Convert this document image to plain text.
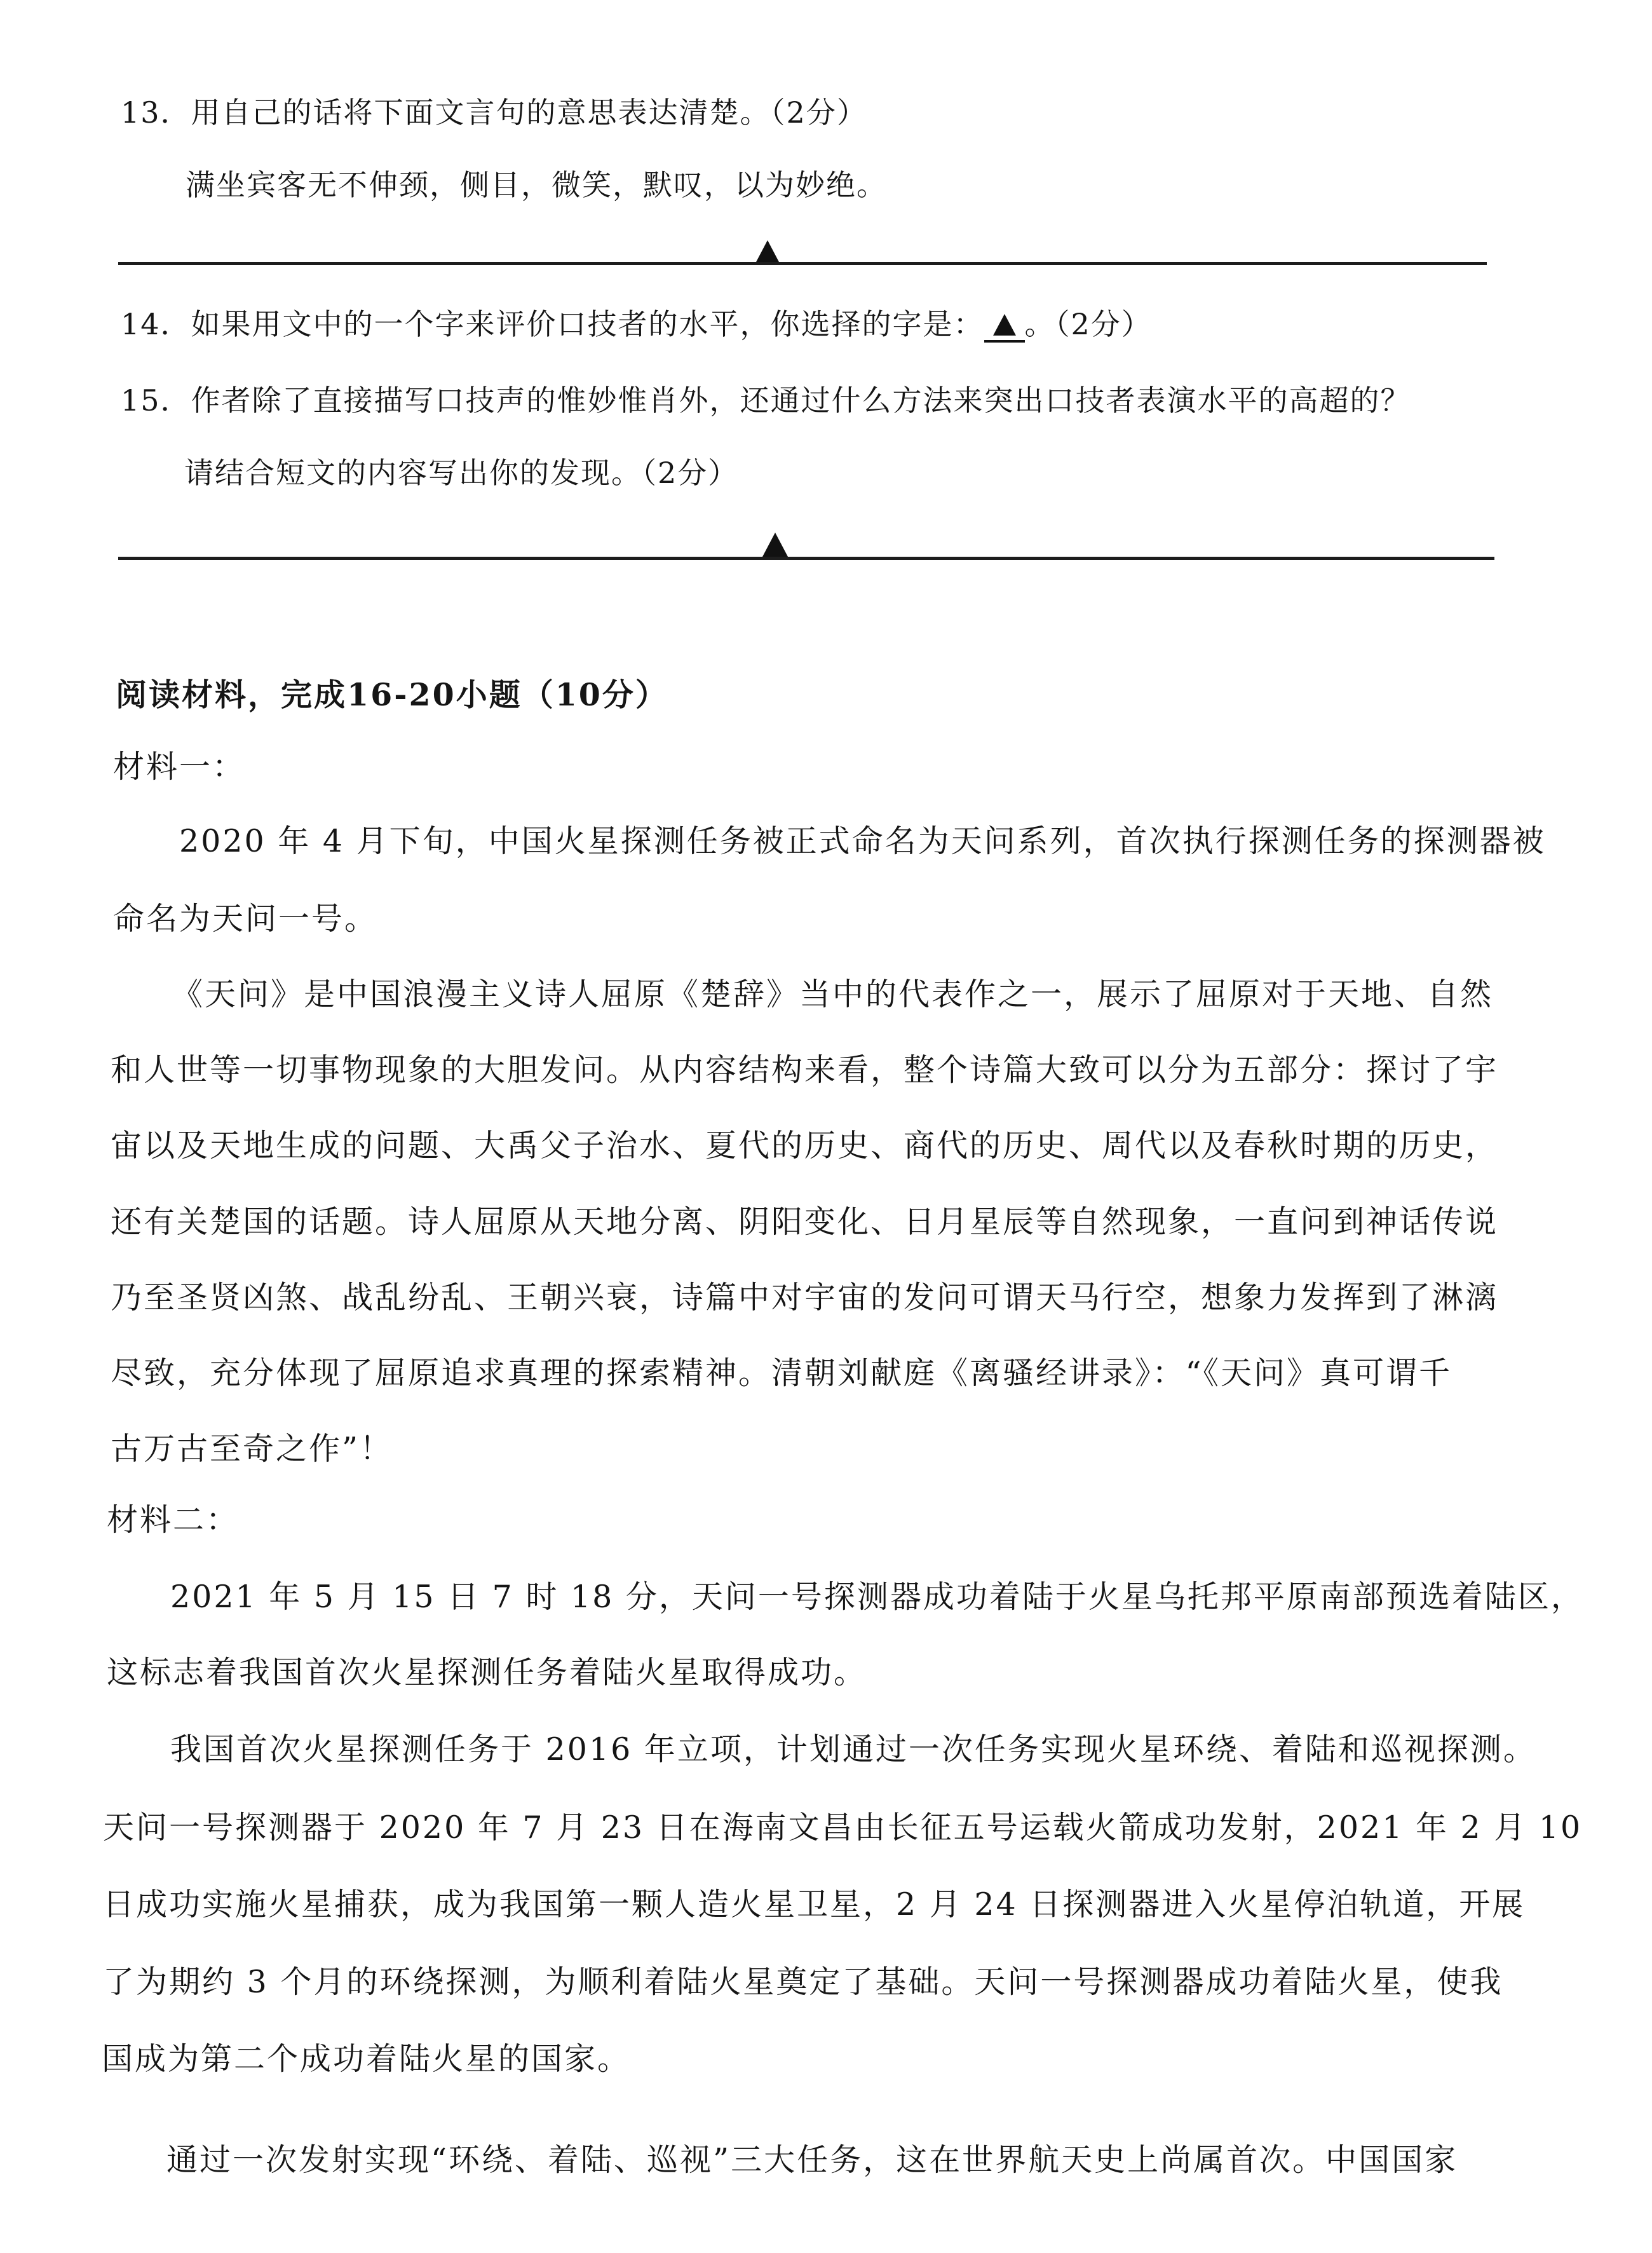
13．用自己的话将下面文言句的意思表达清楚。（2分）
满坐宾客无不伸颈，侧目，微笑，默叹，以为妙绝。
14．如果用文中的一个字来评价口技者的水平，你选择的字是： 。（2分）
15．作者除了直接描写口技声的惟妙惟肖外，还通过什么方法来突出口技者表演水平的高超的？
请结合短文的内容写出你的发现。（2分）
阅读材料，完成16-20小题（10分）
材料一：
2020 年 4 月下旬，中国火星探测任务被正式命名为天问系列，首次执行探测任务的探测器被
命名为天问一号。
《天问》是中国浪漫主义诗人屈原《楚辞》当中的代表作之一，展示了屈原对于天地、自然
和人世等一切事物现象的大胆发问。从内容结构来看，整个诗篇大致可以分为五部分：探讨了宇
宙以及天地生成的问题、大禹父子治水、夏代的历史、商代的历史、周代以及春秋时期的历史，
还有关楚国的话题。诗人屈原从天地分离、阴阳变化、日月星辰等自然现象，一直问到神话传说
乃至圣贤凶煞、战乱纷乱、王朝兴衰，诗篇中对宇宙的发问可谓天马行空，想象力发挥到了淋漓
尽致，充分体现了屈原追求真理的探索精神。清朝刘献庭《离骚经讲录》：“《天问》真可谓千
古万古至奇之作”！
材料二：
2021 年 5 月 15 日 7 时 18 分，天问一号探测器成功着陆于火星乌托邦平原南部预选着陆区，
这标志着我国首次火星探测任务着陆火星取得成功。
我国首次火星探测任务于 2016 年立项，计划通过一次任务实现火星环绕、着陆和巡视探测。
天问一号探测器于 2020 年 7 月 23 日在海南文昌由长征五号运载火箭成功发射，2021 年 2 月 10
日成功实施火星捕获，成为我国第一颗人造火星卫星，2 月 24 日探测器进入火星停泊轨道，开展
了为期约 3 个月的环绕探测，为顺利着陆火星奠定了基础。天问一号探测器成功着陆火星，使我
国成为第二个成功着陆火星的国家。
通过一次发射实现“环绕、着陆、巡视”三大任务，这在世界航天史上尚属首次。中国国家
